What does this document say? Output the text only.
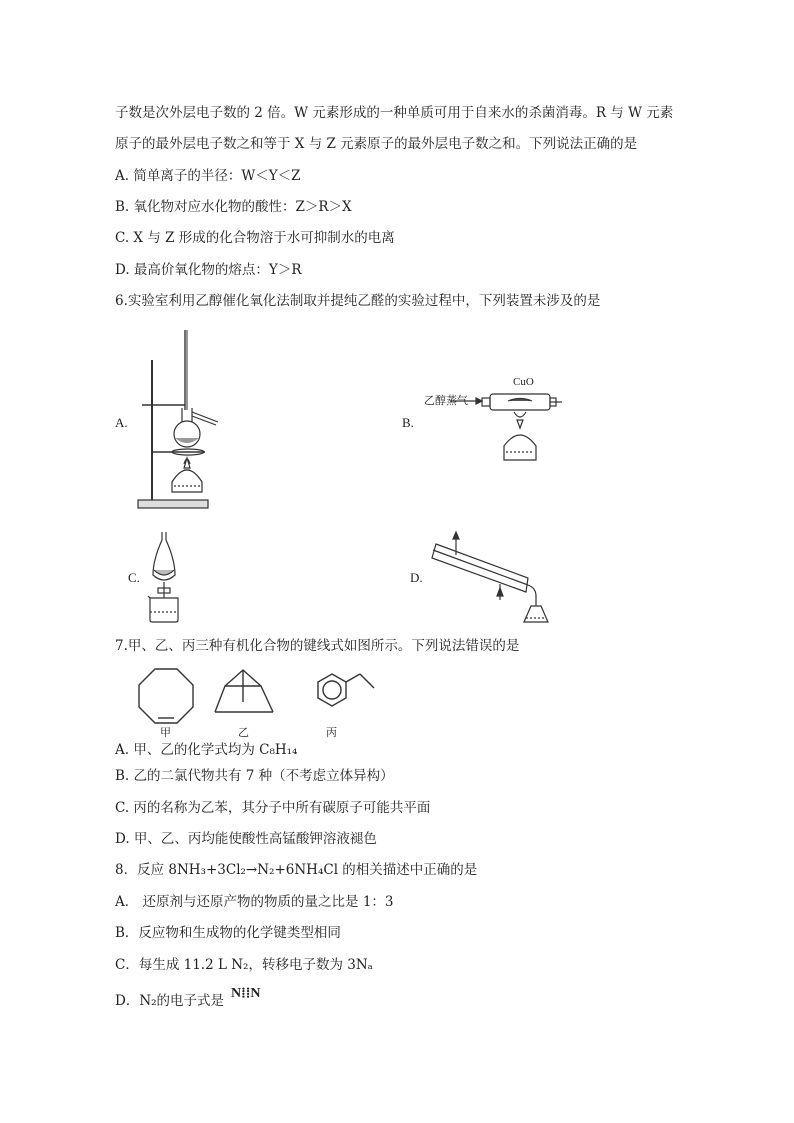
子数是次外层电子数的 2 倍。W 元素形成的一种单质可用于自来水的杀菌消毒。R 与 W 元素
原子的最外层电子数之和等于 X 与 Z 元素原子的最外层电子数之和。下列说法正确的是
A. 简单离子的半径：W＜Y＜Z
B. 氧化物对应水化物的酸性：Z＞R＞X
C. X 与 Z 形成的化合物溶于水可抑制水的电离
D. 最高价氧化物的熔点：Y＞R
6.实验室利用乙醇催化氧化法制取并提纯乙醛的实验过程中，下列装置未涉及的是
A.	B.
乙醇蒸气
CuO
C.	D.
7.甲、乙、丙三种有机化合物的键线式如图所示。下列说法错误的是
甲	乙	丙
A. 甲、乙的化学式均为 C₈H₁₄
B. 乙的二氯代物共有 7 种（不考虑立体异构）
C. 丙的名称为乙苯，其分子中所有碳原子可能共平面
D. 甲、乙、丙均能使酸性高锰酸钾溶液褪色
8．反应 8NH₃+3Cl₂→N₂+6NH₄Cl 的相关描述中正确的是
A． 还原剂与还原产物的物质的量之比是 1：3
B．反应物和生成物的化学键类型相同
C．每生成 11.2 L N₂，转移电子数为 3Nₐ
D．N₂的电子式是 N⁞⁞N
